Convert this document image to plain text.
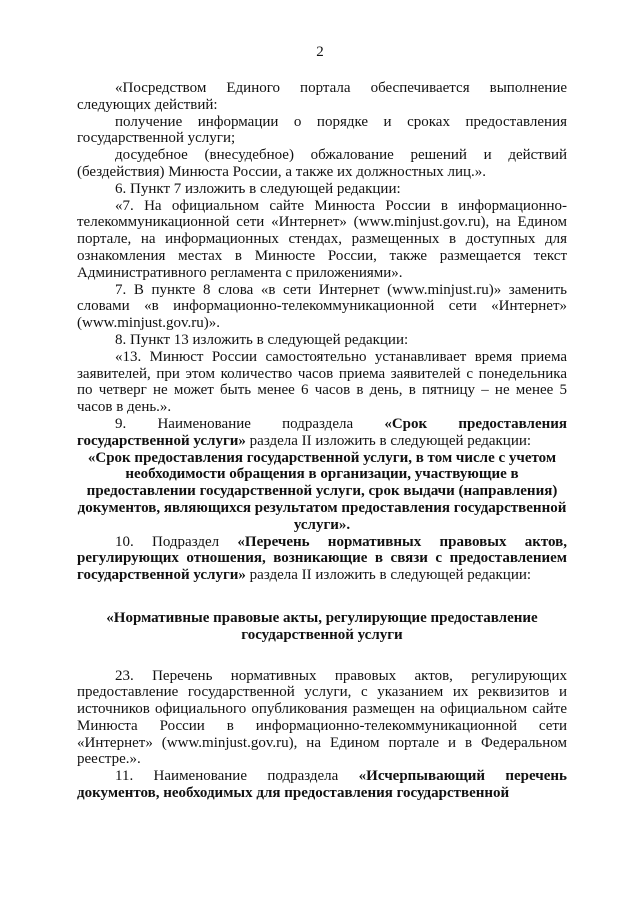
2

«Посредством Единого портала обеспечивается выполнение следующих действий:

получение информации о порядке и сроках предоставления государственной услуги;

досудебное (внесудебное) обжалование решений и действий (бездействия) Минюста России, а также их должностных лиц.».

6. Пункт 7 изложить в следующей редакции:

«7. На официальном сайте Минюста России в информационно-телекоммуникационной сети «Интернет» (www.minjust.gov.ru), на Едином портале, на информационных стендах, размещенных в доступных для ознакомления местах в Минюсте России, также размещается текст Административного регламента с приложениями».

7. В пункте 8 слова «в сети Интернет (www.minjust.ru)» заменить словами «в информационно-телекоммуникационной сети «Интернет» (www.minjust.gov.ru)».

8. Пункт 13 изложить в следующей редакции:

«13. Минюст России самостоятельно устанавливает время приема заявителей, при этом количество часов приема заявителей с понедельника по четверг не может быть менее 6 часов в день, в пятницу – не менее 5 часов в день.».

9. Наименование подраздела «Срок предоставления государственной услуги» раздела II изложить в следующей редакции:

«Срок предоставления государственной услуги, в том числе с учетом необходимости обращения в организации, участвующие в предоставлении государственной услуги, срок выдачи (направления) документов, являющихся результатом предоставления государственной услуги».

10. Подраздел «Перечень нормативных правовых актов, регулирующих отношения, возникающие в связи с предоставлением государственной услуги» раздела II изложить в следующей редакции:

«Нормативные правовые акты, регулирующие предоставление государственной услуги

23. Перечень нормативных правовых актов, регулирующих предоставление государственной услуги, с указанием их реквизитов и источников официального опубликования размещен на официальном сайте Минюста России в информационно-телекоммуникационной сети «Интернет» (www.minjust.gov.ru), на Едином портале и в Федеральном реестре.».

11. Наименование подраздела «Исчерпывающий перечень документов, необходимых для предоставления государственной
